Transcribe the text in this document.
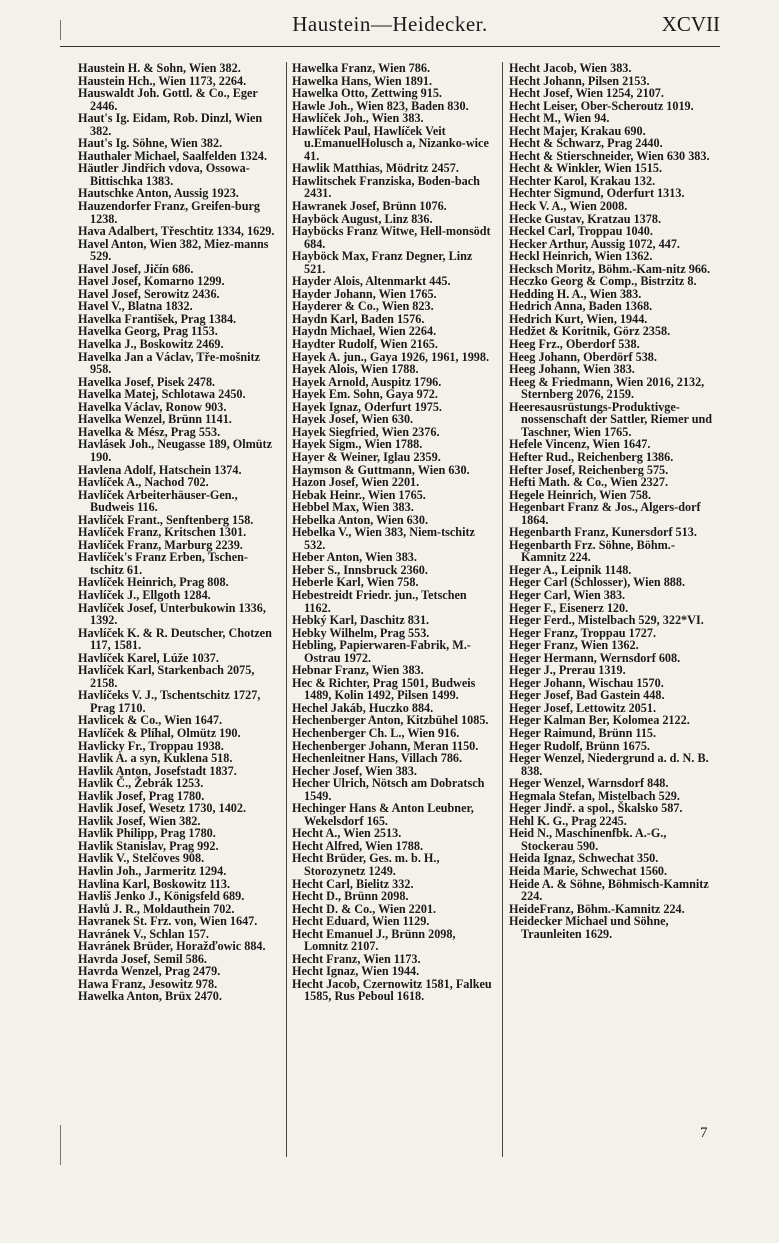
Haustein—Heidecker.	XCVII
Haustein H. & Sohn, Wien 382.
Haustein Hch., Wien 1173, 2264.
Hauswaldt Joh. Gottl. & Co., Eger 2446.
Haut's Ig. Eidam, Rob. Dinzl, Wien 382.
Haut's Ig. Söhne, Wien 382.
Hauthaler Michael, Saalfelden 1324.
Häutler Jindřich vdova, Ossowa-Bittischka 1383.
Hautschke Anton, Aussig 1923.
Hauzendorfer Franz, Greifen-burg 1238.
Hava Adalbert, Třeschtitz 1334, 1629.
Havel Anton, Wien 382, Miez-manns 529.
Havel Josef, Jičín 686.
Havel Josef, Komarno 1299.
Havel Josef, Serowitz 2436.
Havel V., Blatna 1832.
Havelka František, Prag 1384.
Havelka Georg, Prag 1153.
Havelka J., Boskowitz 2469.
Havelka Jan a Václav, Tře-mošnitz 958.
Havelka Josef, Pisek 2478.
Havelka Matej, Schlotawa 2450.
Havelka Václav, Ronow 903.
Havelka Wenzel, Brünn 1141.
Havelka & Mész, Prag 553.
Havlásek Joh., Neugasse 189, Olmütz 190.
Havlena Adolf, Hatschein 1374.
Havlíček A., Nachod 702.
Havlíček Arbeiterhäuser-Gen., Budweis 116.
Havlíček Frant., Senftenberg 158.
Havlíček Franz, Kritschen 1301.
Havlíček Franz, Marburg 2239.
Havlíček's Franz Erben, Tschen-tschitz 61.
Havlíček Heinrich, Prag 808.
Havlíček J., Ellgoth 1284.
Havlíček Josef, Unterbukowin 1336, 1392.
Havlíček K. & R. Deutscher, Chotzen 117, 1581.
Havlíček Karel, Lúže 1037.
Havlíček Karl, Starkenbach 2075, 2158.
Havlíčeks V. J., Tschentschitz 1727, Prag 1710.
Havlicek & Co., Wien 1647.
Havlíček & Plíhal, Olmütz 190.
Havlicky Fr., Troppau 1938.
Havlik A. a syn, Kuklena 518.
Havlik Anton, Josefstadt 1837.
Havlik Č., Žebrák 1253.
Havlik Josef, Prag 1780.
Havlik Josef, Wesetz 1730, 1402.
Havlik Josef, Wien 382.
Havlik Philipp, Prag 1780.
Havlik Stanislav, Prag 992.
Havlik V., Stelčoves 908.
Havlin Joh., Jarmeritz 1294.
Havlina Karl, Boskowitz 113.
Havliš Jenko J., Königsfeld 689.
Havlů J. R., Moldauthein 702.
Havranek St. Frz. von, Wien 1647.
Havránek V., Schlan 157.
Havránek Brüder, Horažďowic 884.
Havrda Josef, Semil 586.
Havrda Wenzel, Prag 2479.
Hawa Franz, Jesowitz 978.
Hawelka Anton, Brüx 2470.
Hawelka Franz, Wien 786.
Hawelka Hans, Wien 1891.
Hawelka Otto, Zettwing 915.
Hawle Joh., Wien 823, Baden 830.
Hawlíček Joh., Wien 383.
Hawlíček Paul, Hawlíček Veit u.EmanuelHolusch a, Nizanko-wice 41.
Hawlik Matthias, Mödritz 2457.
Hawlitschek Franziska, Boden-bach 2431.
Hawranek Josef, Brünn 1076.
Hayböck August, Linz 836.
Hayböcks Franz Witwe, Hell-monsödt 684.
Hayböck Max, Franz Degner, Linz 521.
Hayder Alois, Altenmarkt 445.
Hayder Johann, Wien 1765.
Hayderer & Co., Wien 823.
Haydn Karl, Baden 1576.
Haydn Michael, Wien 2264.
Haydter Rudolf, Wien 2165.
Hayek A. jun., Gaya 1926, 1961, 1998.
Hayek Alois, Wien 1788.
Hayek Arnold, Auspitz 1796.
Hayek Em. Sohn, Gaya 972.
Hayek Ignaz, Oderfurt 1975.
Hayek Josef, Wien 630.
Hayek Siegfried, Wien 2376.
Hayek Sigm., Wien 1788.
Hayer & Weiner, Iglau 2359.
Haymson & Guttmann, Wien 630.
Hazon Josef, Wien 2201.
Hebak Heinr., Wien 1765.
Hebbel Max, Wien 383.
Hebelka Anton, Wien 630.
Hebelka V., Wien 383, Niem-tschitz 532.
Heber Anton, Wien 383.
Heber S., Innsbruck 2360.
Heberle Karl, Wien 758.
Hebestreidt Friedr. jun., Tetschen 1162.
Hebký Karl, Daschitz 831.
Hebky Wilhelm, Prag 553.
Hebling, Papierwaren-Fabrik, M.-Ostrau 1972.
Hebnar Franz, Wien 383.
Hec & Richter, Prag 1501, Budweis 1489, Kolin 1492, Pilsen 1499.
Hechel Jakáb, Huczko 884.
Hechenberger Anton, Kitzbühel 1085.
Hechenberger Ch. L., Wien 916.
Hechenberger Johann, Meran 1150.
Hechenleitner Hans, Villach 786.
Hecher Josef, Wien 383.
Hecher Ulrich, Nötsch am Dobratsch 1549.
Hechinger Hans & Anton Leubner, Wekelsdorf 165.
Hecht A., Wien 2513.
Hecht Alfred, Wien 1788.
Hecht Brüder, Ges. m. b. H., Storozynetz 1249.
Hecht Carl, Bielitz 332.
Hecht D., Brünn 2098.
Hecht D. & Co., Wien 2201.
Hecht Eduard, Wien 1129.
Hecht Emanuel J., Brünn 2098, Lomnitz 2107.
Hecht Franz, Wien 1173.
Hecht Ignaz, Wien 1944.
Hecht Jacob, Czernowitz 1581, Falkeu 1585, Rus Peboul 1618.
Hecht Jacob, Wien 383.
Hecht Johann, Pilsen 2153.
Hecht Josef, Wien 1254, 2107.
Hecht Leiser, Ober-Scheroutz 1019.
Hecht M., Wien 94.
Hecht Majer, Krakau 690.
Hecht & Schwarz, Prag 2440.
Hecht & Stierschneider, Wien 630 383.
Hecht & Winkler, Wien 1515.
Hechter Karol, Krakau 132.
Hechter Sigmund, Oderfurt 1313.
Heck V. A., Wien 2008.
Hecke Gustav, Kratzau 1378.
Heckel Carl, Troppau 1040.
Hecker Arthur, Aussig 1072, 447.
Heckl Heinrich, Wien 1362.
Hecksch Moritz, Böhm.-Kam-nitz 966.
Heczko Georg & Comp., Bistrzitz 8.
Hedding H. A., Wien 383.
Hedrich Anna, Baden 1368.
Hedrich Kurt, Wien, 1944.
Hedžet & Koritnik, Görz 2358.
Heeg Frz., Oberdorf 538.
Heeg Johann, Oberdörf 538.
Heeg Johann, Wien 383.
Heeg & Friedmann, Wien 2016, 2132, Sternberg 2076, 2159.
Heeresausrüstungs-Produktivge-nossenschaft der Sattler, Riemer und Taschner, Wien 1765.
Hefele Vincenz, Wien 1647.
Hefter Rud., Reichenberg 1386.
Hefter Josef, Reichenberg 575.
Hefti Math. & Co., Wien 2327.
Hegele Heinrich, Wien 758.
Hegenbart Franz & Jos., Algers-dorf 1864.
Hegenbarth Franz, Kunersdorf 513.
Hegenbarth Frz. Söhne, Böhm.-Kamnitz 224.
Heger A., Leipnik 1148.
Heger Carl (Schlosser), Wien 888.
Heger Carl, Wien 383.
Heger F., Eisenerz 120.
Heger Ferd., Mistelbach 529, 322*VI.
Heger Franz, Troppau 1727.
Heger Franz, Wien 1362.
Heger Hermann, Wernsdorf 608.
Heger J., Prerau 1319.
Heger Johann, Wischau 1570.
Heger Josef, Bad Gastein 448.
Heger Josef, Lettowitz 2051.
Heger Kalman Ber, Kolomea 2122.
Heger Raimund, Brünn 115.
Heger Rudolf, Brünn 1675.
Heger Wenzel, Niedergrund a. d. N. B. 838.
Heger Wenzel, Warnsdorf 848.
Hegmala Stefan, Mistelbach 529.
Heger Jindř. a spol., Škalsko 587.
Hehl K. G., Prag 2245.
Heid N., Maschinenfbk. A.-G., Stockerau 590.
Heida Ignaz, Schwechat 350.
Heida Marie, Schwechat 1560.
Heide A. & Söhne, Böhmisch-Kamnitz 224.
HeideFranz, Böhm.-Kamnitz 224.
Heidecker Michael und Söhne, Traunleiten 1629.
7
